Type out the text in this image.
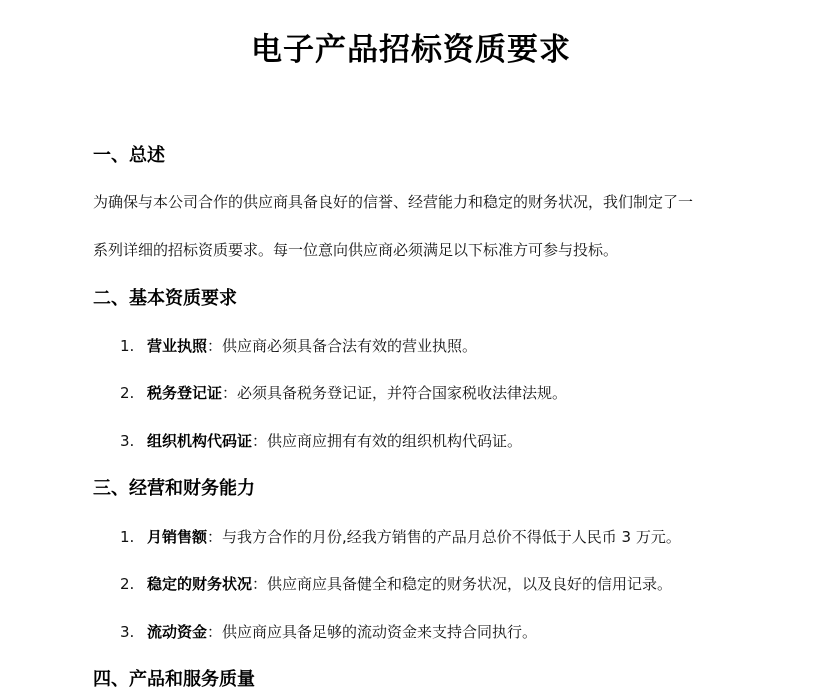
电子产品招标资质要求
一、总述
为确保与本公司合作的供应商具备良好的信誉、经营能力和稳定的财务状况，我们制定了一
系列详细的招标资质要求。每一位意向供应商必须满足以下标准方可参与投标。
二、基本资质要求
1. 营业执照：供应商必须具备合法有效的营业执照。
2. 税务登记证：必须具备税务登记证，并符合国家税收法律法规。
3. 组织机构代码证：供应商应拥有有效的组织机构代码证。
三、经营和财务能力
1. 月销售额：与我方合作的月份,经我方销售的产品月总价不得低于人民币 3 万元。
2. 稳定的财务状况：供应商应具备健全和稳定的财务状况，以及良好的信用记录。
3. 流动资金：供应商应具备足够的流动资金来支持合同执行。
四、产品和服务质量
